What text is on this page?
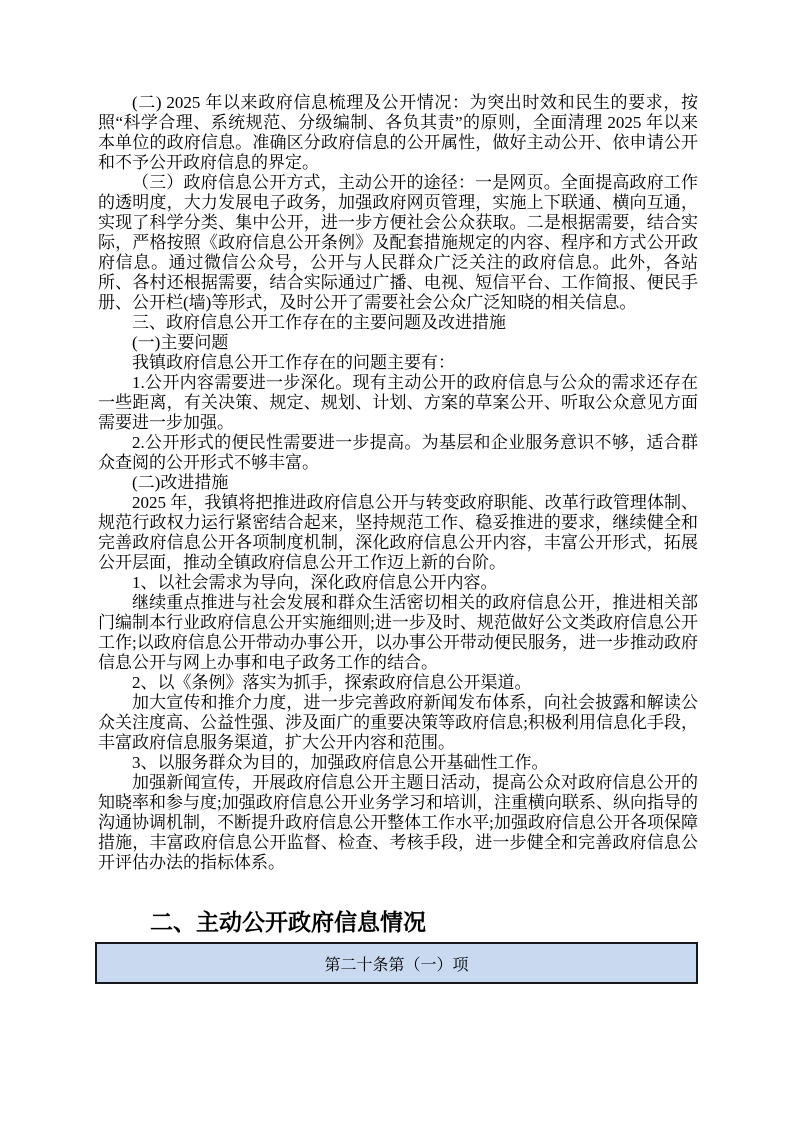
(二) 2025 年以来政府信息梳理及公开情况：为突出时效和民生的要求，按照“科学合理、系统规范、分级编制、各负其责”的原则，全面清理 2025 年以来本单位的政府信息。准确区分政府信息的公开属性，做好主动公开、依申请公开和不予公开政府信息的界定。

（三）政府信息公开方式，主动公开的途径：一是网页。全面提高政府工作的透明度，大力发展电子政务，加强政府网页管理，实施上下联通、横向互通，实现了科学分类、集中公开，进一步方便社会公众获取。二是根据需要，结合实际，严格按照《政府信息公开条例》及配套措施规定的内容、程序和方式公开政府信息。通过微信公众号，公开与人民群众广泛关注的政府信息。此外，各站所、各村还根据需要，结合实际通过广播、电视、短信平台、工作简报、便民手册、公开栏(墙)等形式，及时公开了需要社会公众广泛知晓的相关信息。

三、政府信息公开工作存在的主要问题及改进措施

(一)主要问题

我镇政府信息公开工作存在的问题主要有：

1.公开内容需要进一步深化。现有主动公开的政府信息与公众的需求还存在一些距离，有关决策、规定、规划、计划、方案的草案公开、听取公众意见方面需要进一步加强。

2.公开形式的便民性需要进一步提高。为基层和企业服务意识不够，适合群众查阅的公开形式不够丰富。

(二)改进措施

2025 年，我镇将把推进政府信息公开与转变政府职能、改革行政管理体制、规范行政权力运行紧密结合起来，坚持规范工作、稳妥推进的要求，继续健全和完善政府信息公开各项制度机制，深化政府信息公开内容，丰富公开形式，拓展公开层面，推动全镇政府信息公开工作迈上新的台阶。

1、以社会需求为导向，深化政府信息公开内容。

继续重点推进与社会发展和群众生活密切相关的政府信息公开，推进相关部门编制本行业政府信息公开实施细则;进一步及时、规范做好公文类政府信息公开工作;以政府信息公开带动办事公开，以办事公开带动便民服务，进一步推动政府信息公开与网上办事和电子政务工作的结合。

2、以《条例》落实为抓手，探索政府信息公开渠道。

加大宣传和推介力度，进一步完善政府新闻发布体系，向社会披露和解读公众关注度高、公益性强、涉及面广的重要决策等政府信息;积极利用信息化手段，丰富政府信息服务渠道，扩大公开内容和范围。

3、以服务群众为目的，加强政府信息公开基础性工作。

加强新闻宣传，开展政府信息公开主题日活动，提高公众对政府信息公开的知晓率和参与度;加强政府信息公开业务学习和培训，注重横向联系、纵向指导的沟通协调机制，不断提升政府信息公开整体工作水平;加强政府信息公开各项保障措施，丰富政府信息公开监督、检查、考核手段，进一步健全和完善政府信息公开评估办法的指标体系。

二、主动公开政府信息情况
第二十条第（一）项
